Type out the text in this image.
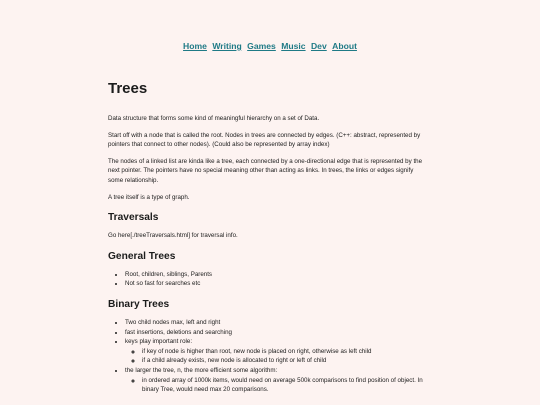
Home Writing Games Music Dev About
Trees

Data structure that forms some kind of meaningful hierarchy on a set of Data.

Start off with a node that is called the root. Nodes in trees are connected by edges. (C++: abstract, represented by pointers that connect to other nodes). (Could also be represented by array index)

The nodes of a linked list are kinda like a tree, each connected by a one-directional edge that is represented by the next pointer. The pointers have no special meaning other than acting as links. In trees, the links or edges signify some relationship.

A tree itself is a type of graph.

Traversals

Go here[./treeTraversals.html] for traversal info.

General Trees
• Root, children, siblings, Parents
• Not so fast for searches etc
Binary Trees
• Two child nodes max, left and right
• fast insertions, deletions and searching
• keys play important role:
◦ if key of node is higher than root, new node is placed on right, otherwise as left child
◦ if a child already exists, new node is allocated to right or left of child
• the larger the tree, n, the more efficient some algorithm:
◦ in ordered array of 1000k items, would need on average 500k comparisons to find position of object. In binary Tree, would need max 20 comparisons.
